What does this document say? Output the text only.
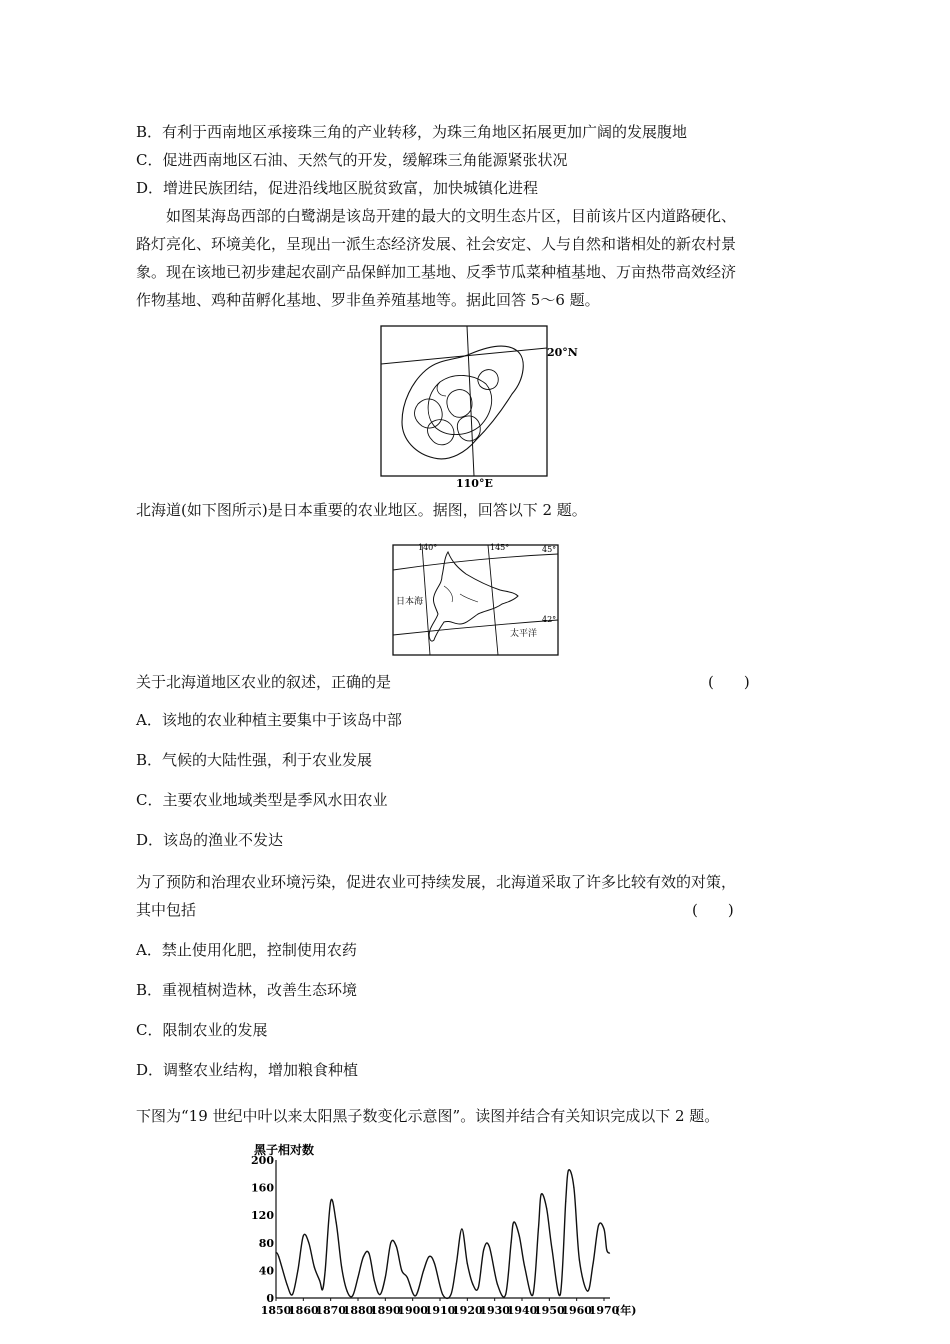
B．有利于西南地区承接珠三角的产业转移，为珠三角地区拓展更加广阔的发展腹地
C．促进西南地区石油、天然气的开发，缓解珠三角能源紧张状况
D．增进民族团结，促进沿线地区脱贫致富，加快城镇化进程
如图某海岛西部的白鹭湖是该岛开建的最大的文明生态片区，目前该片区内道路硬化、
路灯亮化、环境美化，呈现出一派生态经济发展、社会安定、人与自然和谐相处的新农村景
象。现在该地已初步建起农副产品保鲜加工基地、反季节瓜菜种植基地、万亩热带高效经济
作物基地、鸡种苗孵化基地、罗非鱼养殖基地等。据此回答 5～6 题。
20°N
110°E
北海道(如下图所示)是日本重要的农业地区。据图，回答以下 2 题。
140°	145°	45°
42°
日本海
太平洋
关于北海道地区农业的叙述，正确的是	(　　)
A．该地的农业种植主要集中于该岛中部
B．气候的大陆性强，利于农业发展
C．主要农业地域类型是季风水田农业
D．该岛的渔业不发达
为了预防和治理农业环境污染，促进农业可持续发展，北海道采取了许多比较有效的对策，
其中包括	(　　)
A．禁止使用化肥，控制使用农药
B．重视植树造林，改善生态环境
C．限制农业的发展
D．调整农业结构，增加粮食种植
下图为“19 世纪中叶以来太阳黑子数变化示意图”。读图并结合有关知识完成以下 2 题。
黑子相对数
200
160
120
80
40
0
1850
1860
1870
1880
1890
1900
1910
1920
1930
1940
1950
1960
1970
(年)
